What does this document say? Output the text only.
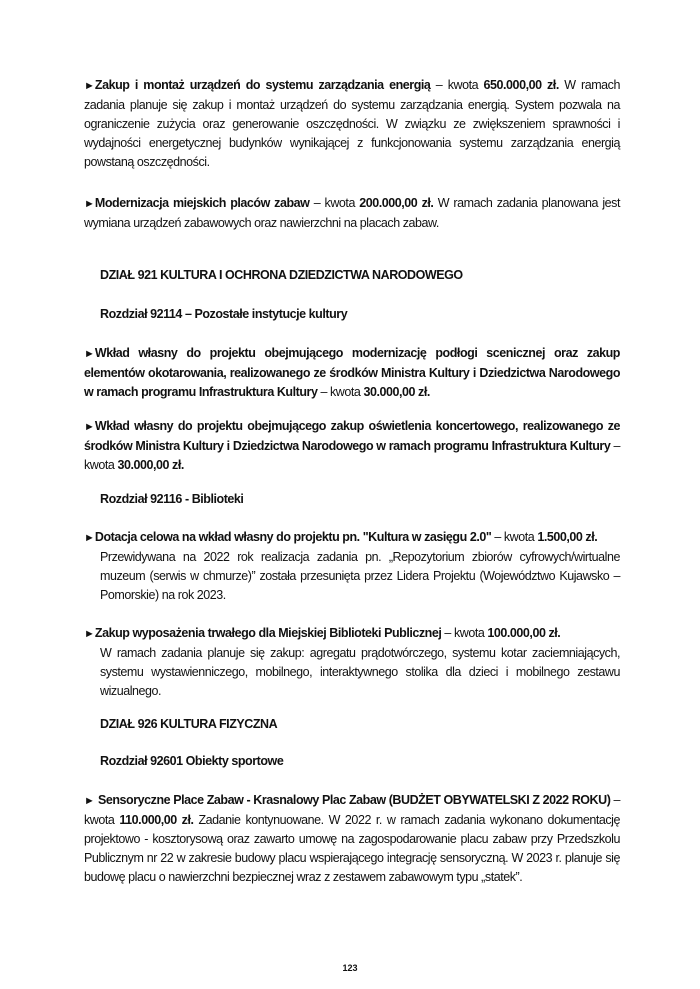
►Zakup i montaż urządzeń do systemu zarządzania energią – kwota 650.000,00 zł. W ramach zadania planuje się zakup i montaż urządzeń do systemu zarządzania energią. System pozwala na ograniczenie zużycia oraz generowanie oszczędności. W związku ze zwiększeniem sprawności i wydajności energetycznej budynków wynikającej z funkcjonowania systemu zarządzania energią powstaną oszczędności.

►Modernizacja miejskich placów zabaw – kwota 200.000,00 zł. W ramach zadania planowana jest wymiana urządzeń zabawowych oraz nawierzchni na placach zabaw.

DZIAŁ 921 KULTURA I OCHRONA DZIEDZICTWA NARODOWEGO
Rozdział 92114 – Pozostałe instytucje kultury

►Wkład własny do projektu obejmującego modernizację podłogi scenicznej oraz zakup elementów okotarowania, realizowanego ze środków Ministra Kultury i Dziedzictwa Narodowego w ramach programu Infrastruktura Kultury – kwota 30.000,00 zł.

►Wkład własny do projektu obejmującego zakup oświetlenia koncertowego, realizowanego ze środków Ministra Kultury i Dziedzictwa Narodowego w ramach programu Infrastruktura Kultury – kwota 30.000,00 zł.

Rozdział 92116 - Biblioteki

►Dotacja celowa na wkład własny do projektu pn. "Kultura w zasięgu 2.0" – kwota 1.500,00 zł.
Przewidywana na 2022 rok realizacja zadania pn. „Repozytorium zbiorów cyfrowych/wirtualne muzeum (serwis w chmurze)” została przesunięta przez Lidera Projektu (Województwo Kujawsko – Pomorskie) na rok 2023.

►Zakup wyposażenia trwałego dla Miejskiej Biblioteki Publicznej – kwota 100.000,00 zł.
W ramach zadania planuje się zakup: agregatu prądotwórczego, systemu kotar zaciemniających, systemu wystawienniczego, mobilnego, interaktywnego stolika dla dzieci i mobilnego zestawu wizualnego.

DZIAŁ 926 KULTURA FIZYCZNA
Rozdział 92601 Obiekty sportowe

► Sensoryczne Place Zabaw - Krasnalowy Plac Zabaw (BUDŻET OBYWATELSKI Z 2022 ROKU) – kwota 110.000,00 zł. Zadanie kontynuowane. W 2022 r. w ramach zadania wykonano dokumentację projektowo - kosztorysową oraz zawarto umowę na zagospodarowanie placu zabaw przy Przedszkolu Publicznym nr 22 w zakresie budowy placu wspierającego integrację sensoryczną. W 2023 r. planuje się budowę placu o nawierzchni bezpiecznej wraz z zestawem zabawowym typu „statek”.

123
